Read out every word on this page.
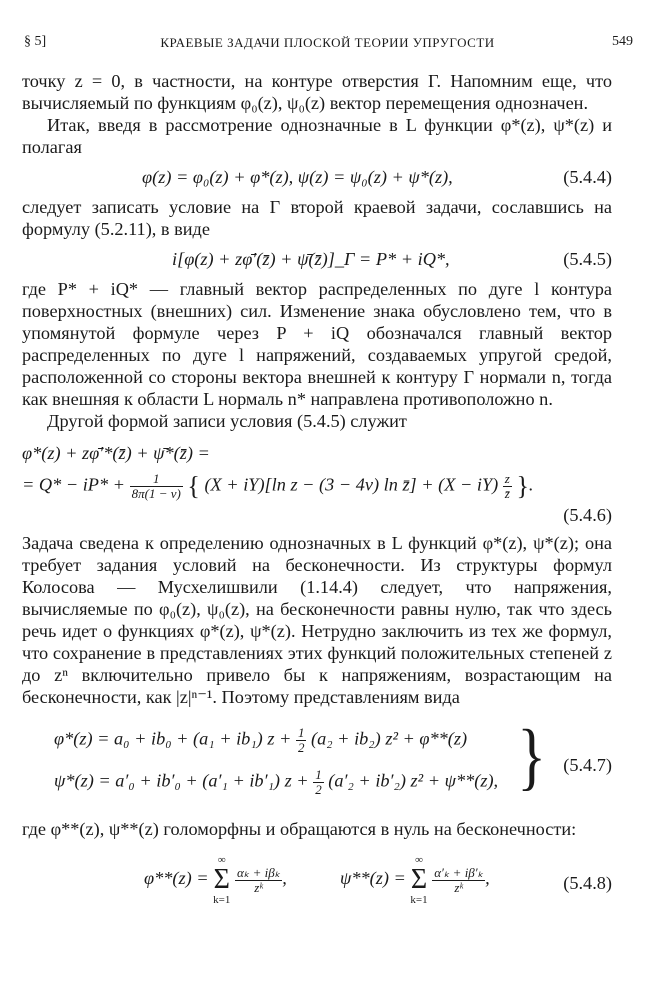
§ 5]	КРАЕВЫЕ ЗАДАЧИ ПЛОСКОЙ ТЕОРИИ УПРУГОСТИ	549

точку z = 0, в частности, на контуре отверстия Г. Напомним еще, что вычисляемый по функциям φ₀(z), ψ₀(z) вектор перемещения однозначен.

Итак, введя в рассмотрение однозначные в L функции φ*(z), ψ*(z) и полагая

φ(z) = φ₀(z) + φ*(z), ψ(z) = ψ₀(z) + ψ*(z),	(5.4.4)

следует записать условие на Г второй краевой задачи, сославшись на формулу (5.2.11), в виде

i[φ(z) + zφ̄′(z̄) + ψ̄(z̄)]_Г = P* + iQ*,	(5.4.5)

где P* + iQ* — главный вектор распределенных по дуге l контура поверхностных (внешних) сил. Изменение знака обусловлено тем, что в упомянутой формуле через P + iQ обозначался главный вектор распределенных по дуге l напряжений, создаваемых упругой средой, расположенной со стороны вектора внешней к контуру Г нормали n, тогда как внешняя к области L нормаль n* направлена противоположно n.

Другой формой записи условия (5.4.5) служит

φ*(z) + zφ̄′*(z̄) + ψ̄*(z̄) =
= $Q* - iP* + \frac{1}{8\pi(1 - \nu)}$ { (X + iY)[ln z − (3 − 4ν) ln z̄] + $(X - iY) \frac{z}{z̄}$ }.
(5.4.6)

Задача сведена к определению однозначных в L функций φ*(z), ψ*(z); она требует задания условий на бесконечности. Из структуры формул Колосова — Мусхелишвили (1.14.4) следует, что напряжения, вычисляемые по φ₀(z), ψ₀(z), на бесконечности равны нулю, так что здесь речь идет о функциях φ*(z), ψ*(z). Нетрудно заключить из тех же формул, что сохранение в представлениях этих функций положительных степеней z до zⁿ включительно привело бы к напряжениям, возрастающим на бесконечности, как |z|ⁿ⁻¹. Поэтому представлениям вида

φ*(z) = a₀ + ib₀ + (a₁ + ib₁) $z + \frac{1}{2} (a_2 + ib_2) z^2 + \varphi**(z)$
ψ*(z) = a′₀ + ib′₀ + (a′₁ + ib′₁) $z + \frac{1}{2} (a'_2 + ib'_2) z^2 + \psi**(z)$, } (5.4.7)

где φ**(z), ψ**(z) голоморфны и обращаются в нуль на бесконечности:

φ**(z) = ∞
Σ
k=1
$\frac{\text{αₖ + iβₖ}}{\text{zᵏ}}$ ,	ψ**(z) = ∞
Σ
k=1
$\frac{\text{α′ₖ + iβ′ₖ}}{\text{zᵏ}}$ ,	(5.4.8)
